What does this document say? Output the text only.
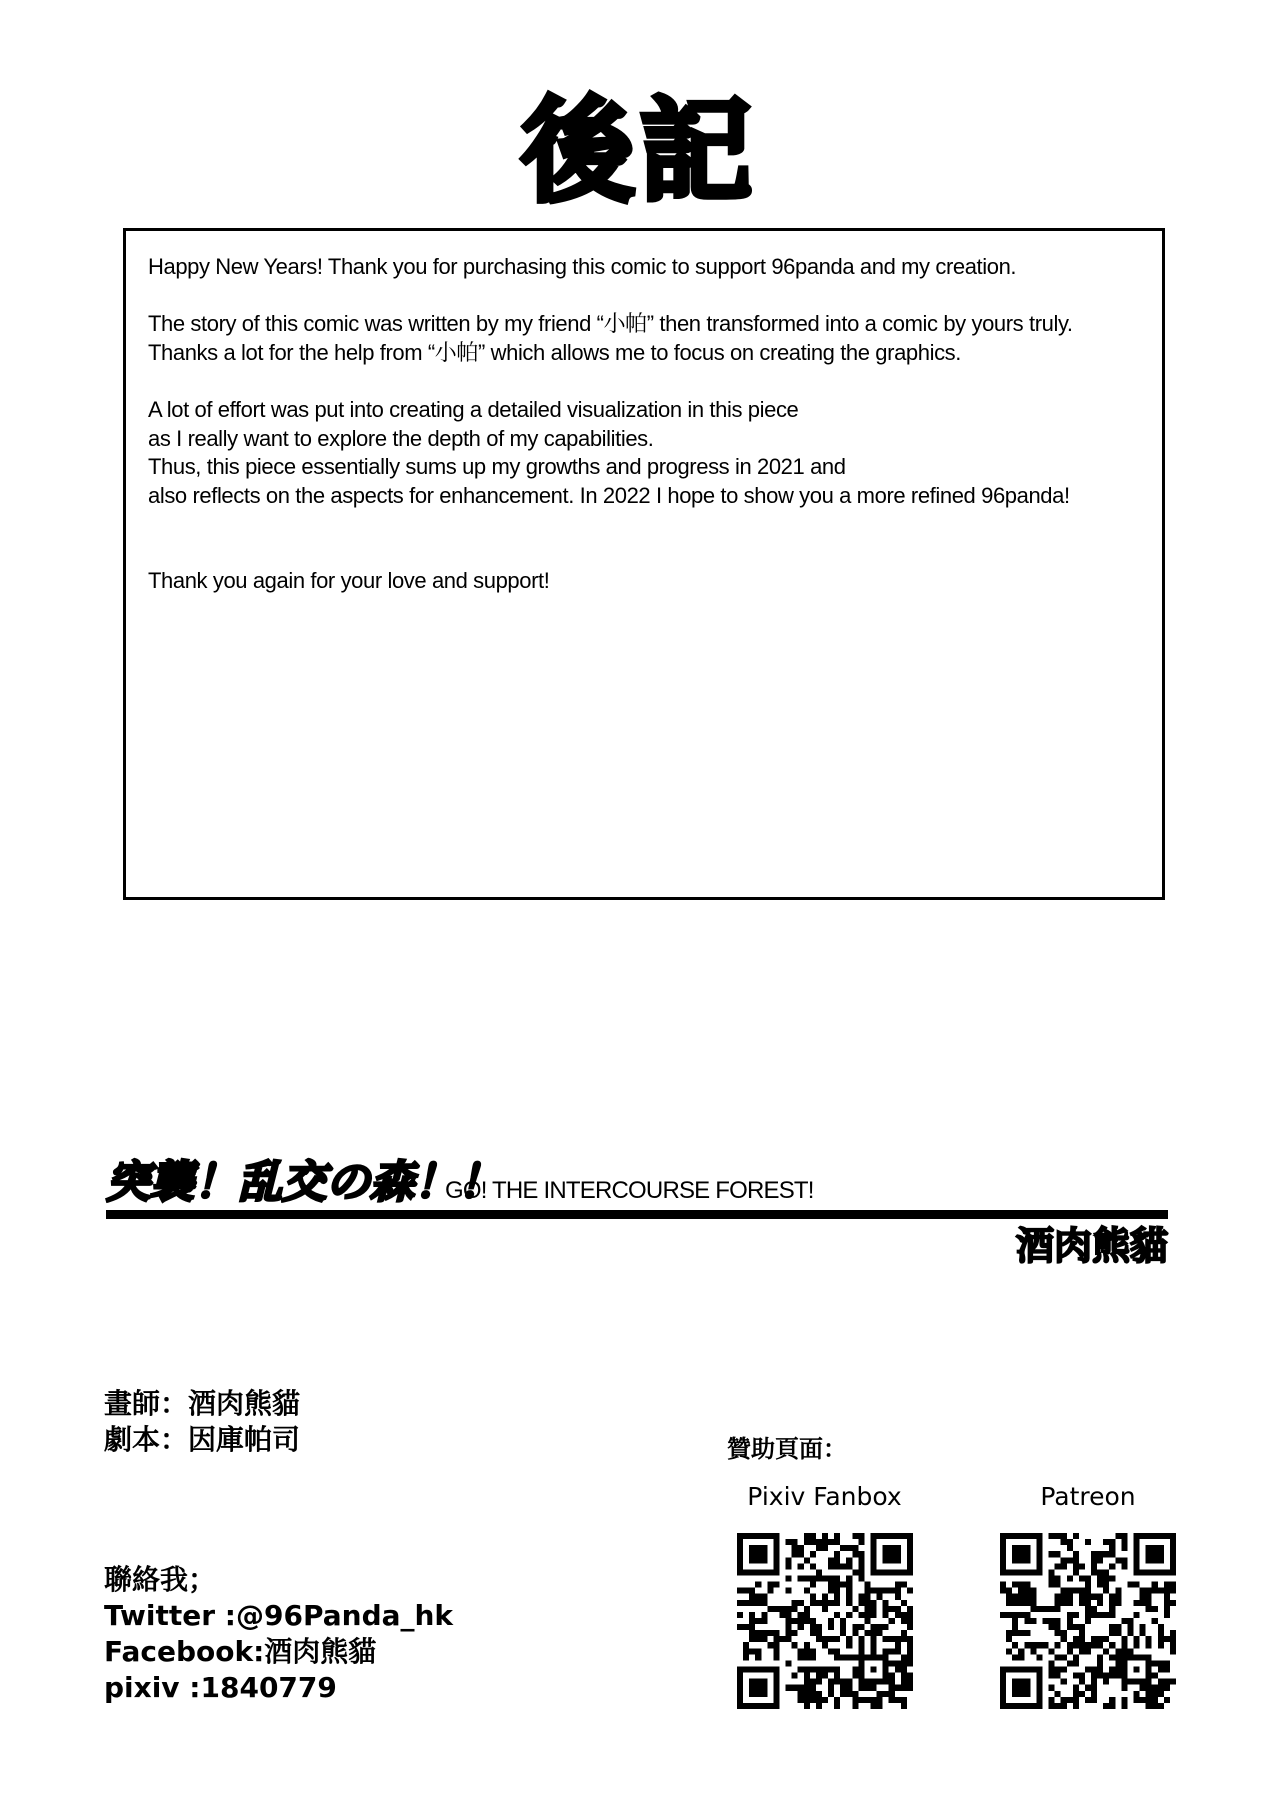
後記

Happy New Years! Thank you for purchasing this comic to support 96panda and my creation.

The story of this comic was written by my friend “小帕” then transformed into a comic by yours truly.
Thanks a lot for the help from “小帕” which allows me to focus on creating the graphics.

A lot of effort was put into creating a detailed visualization in this piece
as I really want to explore the depth of my capabilities.
Thus, this piece essentially sums up my growths and progress in 2021 and
also reflects on the aspects for enhancement. In 2022 I hope to show you a more refined 96panda!

Thank you again for your love and support!

突襲！乱交の森！！
GO! THE INTERCOURSE FOREST!
酒肉熊貓
畫師：酒肉熊貓
劇本：因庫帕司
聯絡我；
Twitter :@96Panda_hk
Facebook:酒肉熊貓
pixiv :1840779
贊助頁面：
Pixiv Fanbox	Patreon
